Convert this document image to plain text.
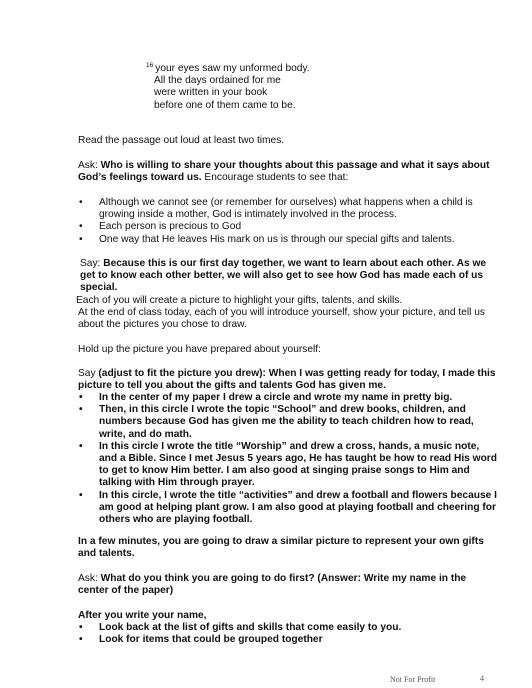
$^{16}$ your eyes saw my unformed body.
All the days ordained for me
were written in your book
before one of them came to be.
Read the passage out loud at least two times.
Ask: Who is willing to share your thoughts about this passage and what it says about God’s feelings toward us. Encourage students to see that:
• Although we cannot see (or remember for ourselves) what happens when a child is growing inside a mother, God is intimately involved in the process.
• Each person is precious to God
• One way that He leaves His mark on us is through our special gifts and talents.
Say: Because this is our first day together, we want to learn about each other. As we get to know each other better, we will also get to see how God has made each of us special.
Each of you will create a picture to highlight your gifts, talents, and skills.
At the end of class today, each of you will introduce yourself, show your picture, and tell us about the pictures you chose to draw.
Hold up the picture you have prepared about yourself:
Say (adjust to fit the picture you drew): When I was getting ready for today, I made this picture to tell you about the gifts and talents God has given me.
• In the center of my paper I drew a circle and wrote my name in pretty big.
• Then, in this circle I wrote the topic “School” and drew books, children, and numbers because God has given me the ability to teach children how to read, write, and do math.
• In this circle I wrote the title “Worship” and drew a cross, hands, a music note, and a Bible. Since I met Jesus 5 years ago, He has taught be how to read His word to get to know Him better. I am also good at singing praise songs to Him and talking with Him through prayer.
• In this circle, I wrote the title “activities” and drew a football and flowers because I am good at helping plant grow. I am also good at playing football and cheering for others who are playing football.
In a few minutes, you are going to draw a similar picture to represent your own gifts and talents.
Ask: What do you think you are going to do first? (Answer: Write my name in the center of the paper)
After you write your name,
• Look back at the list of gifts and skills that come easily to you.
• Look for items that could be grouped together
Not For Profit	4
